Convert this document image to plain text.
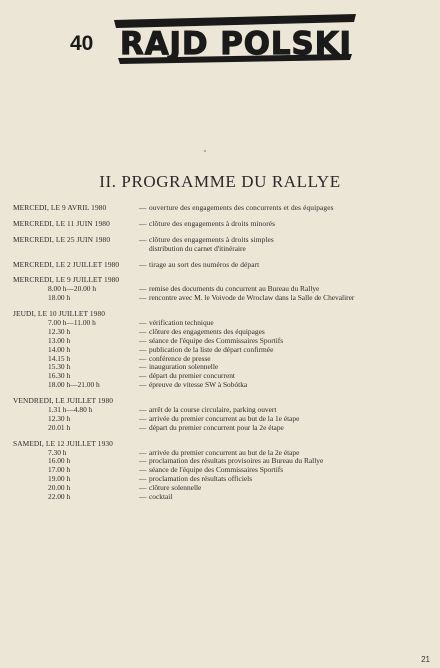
40 RAJD POLSKI
II. PROGRAMME DU RALLYE
MERCEDI, LE 9 AVRIL 1980	— ouverture des engagements des concurrents et des équipages
MERCREDI, LE 11 JUIN 1980	— clôture des engagements à droits minorés
MERCREDI, LE 25 JUIN 1980	— clôture des engagements à droits simples
distribution du carnet d'itinéraire
MERCREDI, LE 2 JUILLET 1980	— tirage au sort des numéros de départ
MERCREDI, LE 9 JUILLET 1980
8.00 h—20.00 h	— remise des documents du concurrent au Bureau du Rallye
18.00 h	— rencontre avec M. le Voivode de Wroclaw dans la Salle de Chevalirer
JEUDI, LE 10 JUILLET 1980
7.00 h—11.00 h	— vérification technique
12.30 h	— clôture des engagements des équipages
13.00 h	— séance de l'équipe des Commissaires Sportifs
14.00 h	— publication de la liste de départ confirmée
14.15 h	— conférence de presse
15.30 h	— inauguration solennelle
16.30 h	— départ du premier concurrent
18.00 h—21.00 h	— épreuve de vitesse SW à Sobótka
VENDREDI, LE JUILLET 1980
1.31 h—4.80 h	— arrêt de la course circulaire, parking ouvert
12.30 h	— arrivée du premier concurrent au but de la 1e étape
20.01 h	— départ du premier concurrent pour la 2e étape
SAMEDI, LE 12 JUILLET 1930
7.30 h	— arrivée du premier concurrent au but de la 2e étape
16.00 h	— proclamation des résultats provisoires au Bureau du Rallye
17.00 h	— séance de l'équipe des Commissaires Sportifs
19.00 h	— proclamation des résultats officiels
20.00 h	— clôture solennelle
22.00 h	— cocktail
21
